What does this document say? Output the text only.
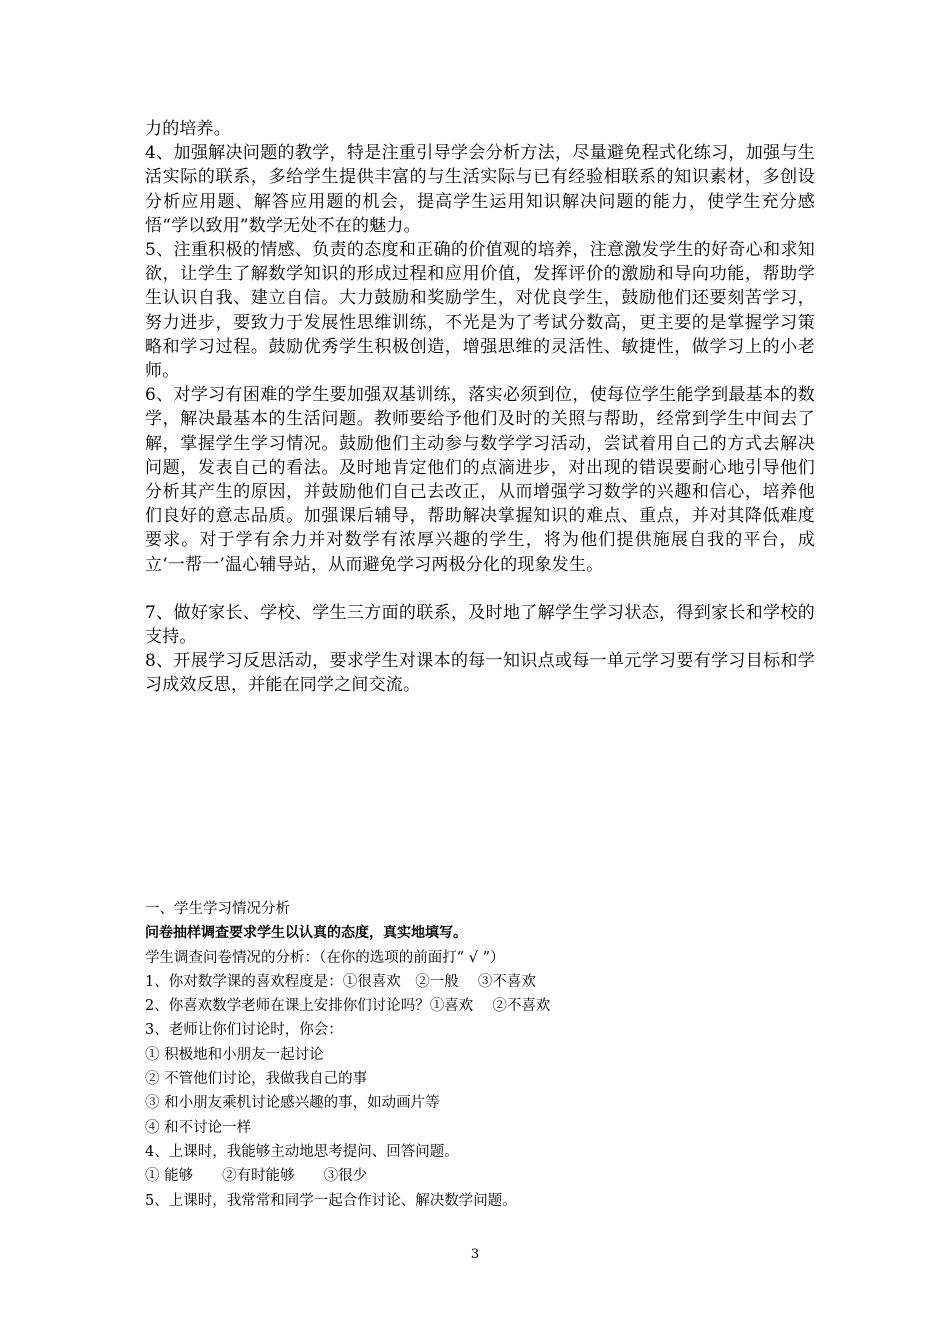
力的培养。

4、加强解决问题的教学，特是注重引导学会分析方法，尽量避免程式化练习，加强与生活实际的联系，多给学生提供丰富的与生活实际与已有经验相联系的知识素材，多创设分析应用题、解答应用题的机会，提高学生运用知识解决问题的能力，使学生充分感悟“学以致用”数学无处不在的魅力。

5、注重积极的情感、负责的态度和正确的价值观的培养，注意激发学生的好奇心和求知欲，让学生了解数学知识的形成过程和应用价值，发挥评价的激励和导向功能，帮助学生认识自我、建立自信。大力鼓励和奖励学生，对优良学生，鼓励他们还要刻苦学习，努力进步，要致力于发展性思维训练，不光是为了考试分数高，更主要的是掌握学习策略和学习过程。鼓励优秀学生积极创造，增强思维的灵活性、敏捷性，做学习上的小老师。

6、对学习有困难的学生要加强双基训练，落实必须到位，使每位学生能学到最基本的数学，解决最基本的生活问题。教师要给予他们及时的关照与帮助，经常到学生中间去了解，掌握学生学习情况。鼓励他们主动参与数学学习活动，尝试着用自己的方式去解决问题，发表自己的看法。及时地肯定他们的点滴进步，对出现的错误要耐心地引导他们分析其产生的原因，并鼓励他们自己去改正，从而增强学习数学的兴趣和信心，培养他们良好的意志品质。加强课后辅导，帮助解决掌握知识的难点、重点，并对其降低难度要求。对于学有余力并对数学有浓厚兴趣的学生，将为他们提供施展自我的平台，成立‘一帮一’温心辅导站，从而避免学习两极分化的现象发生。

7、做好家长、学校、学生三方面的联系，及时地了解学生学习状态，得到家长和学校的支持。

8、开展学习反思活动，要求学生对课本的每一知识点或每一单元学习要有学习目标和学习成效反思，并能在同学之间交流。

一、学生学习情况分析

问卷抽样调查要求学生以认真的态度，真实地填写。

学生调查问卷情况的分析：（在你的选项的前面打“ √ ”）

1、你对数学课的喜欢程度是：①很喜欢　②一般　 ③不喜欢

2、你喜欢数学老师在课上安排你们讨论吗？①喜欢　 ②不喜欢

3、老师让你们讨论时，你会：

① 积极地和小朋友一起讨论

② 不管他们讨论，我做我自己的事

③ 和小朋友乘机讨论感兴趣的事，如动画片等

④ 和不讨论一样

4、上课时，我能够主动地思考提问、回答问题。

① 能够　　②有时能够　　③很少

5、上课时，我常常和同学一起合作讨论、解决数学问题。

3
